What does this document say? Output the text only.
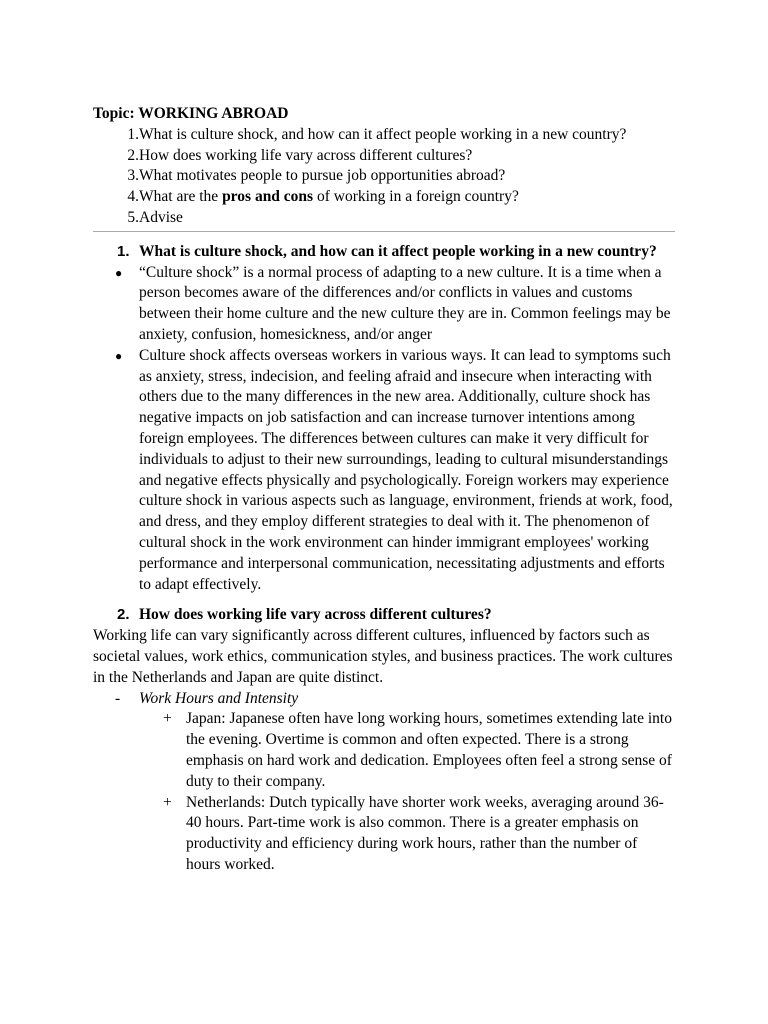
Topic: WORKING ABROAD

1. What is culture shock, and how can it affect people working in a new country?
2. How does working life vary across different cultures?
3. What motivates people to pursue job opportunities abroad?
4. What are the pros and cons of working in a foreign country?
5. Advise
1. What is culture shock, and how can it affect people working in a new country?
●	“Culture shock” is a normal process of adapting to a new culture. It is a time when a person becomes aware of the differences and/or conflicts in values and customs between their home culture and the new culture they are in. Common feelings may be anxiety, confusion, homesickness, and/or anger
●	Culture shock affects overseas workers in various ways. It can lead to symptoms such as anxiety, stress, indecision, and feeling afraid and insecure when interacting with others due to the many differences in the new area. Additionally, culture shock has negative impacts on job satisfaction and can increase turnover intentions among foreign employees. The differences between cultures can make it very difficult for individuals to adjust to their new surroundings, leading to cultural misunderstandings and negative effects physically and psychologically. Foreign workers may experience culture shock in various aspects such as language, environment, friends at work, food, and dress, and they employ different strategies to deal with it. The phenomenon of cultural shock in the work environment can hinder immigrant employees' working performance and interpersonal communication, necessitating adjustments and efforts to adapt effectively.
2. How does working life vary across different cultures?

Working life can vary significantly across different cultures, influenced by factors such as societal values, work ethics, communication styles, and business practices. The work cultures in the Netherlands and Japan are quite distinct.

-	Work Hours and Intensity
+ Japan: Japanese often have long working hours, sometimes extending late into the evening. Overtime is common and often expected. There is a strong emphasis on hard work and dedication. Employees often feel a strong sense of duty to their company.
+ Netherlands: Dutch typically have shorter work weeks, averaging around 36-40 hours. Part-time work is also common. There is a greater emphasis on productivity and efficiency during work hours, rather than the number of hours worked.
